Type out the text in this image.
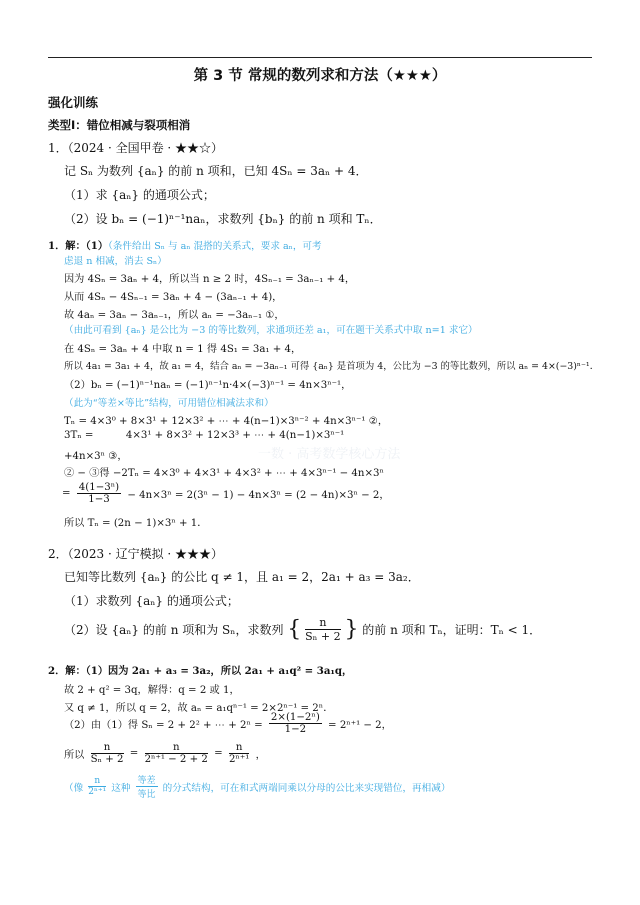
第 3 节 常规的数列求和方法（★★★）
强化训练
类型Ⅰ：错位相减与裂项相消
1．（2024 · 全国甲卷 · ★★☆）
记 Sₙ 为数列 {aₙ} 的前 n 项和，已知 4Sₙ = 3aₙ + 4．
（1）求 {aₙ} 的通项公式；
（2）设 bₙ = (−1)ⁿ⁻¹naₙ，求数列 {bₙ} 的前 n 项和 Tₙ．
1．解：（1）（条件给出 Sₙ 与 aₙ 混搭的关系式，要求 aₙ，可考
虑退 n 相减，消去 Sₙ）
因为 4Sₙ = 3aₙ + 4，所以当 n ≥ 2 时，4Sₙ₋₁ = 3aₙ₋₁ + 4，
从而 4Sₙ − 4Sₙ₋₁ = 3aₙ + 4 − (3aₙ₋₁ + 4)，
故 4aₙ = 3aₙ − 3aₙ₋₁，所以 aₙ = −3aₙ₋₁ ①，
（由此可看到 {aₙ} 是公比为 −3 的等比数列，求通项还差 a₁，可在题干关系式中取 n=1 求它）
在 4Sₙ = 3aₙ + 4 中取 n = 1 得 4S₁ = 3a₁ + 4，
所以 4a₁ = 3a₁ + 4，故 a₁ = 4，结合 aₙ = −3aₙ₋₁ 可得 {aₙ} 是首项为 4，公比为 −3 的等比数列，所以 aₙ = 4×(−3)ⁿ⁻¹．
（2）bₙ = (−1)ⁿ⁻¹naₙ = (−1)ⁿ⁻¹n·4×(−3)ⁿ⁻¹ = 4n×3ⁿ⁻¹，
（此为“等差×等比”结构，可用错位相减法求和）
Tₙ = 4×3⁰ + 8×3¹ + 12×3² + ⋯ + 4(n−1)×3ⁿ⁻² + 4n×3ⁿ⁻¹ ②，
3Tₙ =          4×3¹ + 8×3² + 12×3³ + ⋯ + 4(n−1)×3ⁿ⁻¹
+4n×3ⁿ ③，	一数 · 高考数学核心方法
② − ③得 −2Tₙ = 4×3⁰ + 4×3¹ + 4×3² + ⋯ + 4×3ⁿ⁻¹ − 4n×3ⁿ
= $\frac{\text{4(1−3ⁿ)}}{1-3} - 4n\times 3^n = 2(3^n - 1) - 4n\times 3^n = (2 - 4n)\times 3^n - 2$，
所以 Tₙ = (2n − 1)×3ⁿ + 1．
2．（2023 · 辽宁模拟 · ★★★）
已知等比数列 {aₙ} 的公比 q ≠ 1，且 a₁ = 2，2a₁ + a₃ = 3a₂．
（1）求数列 {aₙ} 的通项公式；
（2）设 {aₙ} 的前 n 项和为 Sₙ，求数列 { $\frac{n}{\text{Sₙ + 2}}$ } 的前 n 项和 Tₙ，证明：Tₙ < 1．
2．解：（1）因为 2a₁ + a₃ = 3a₂，所以 2a₁ + a₁q² = 3a₁q，
故 2 + q² = 3q，解得：q = 2 或 1，
又 q ≠ 1，所以 q = 2，故 aₙ = a₁qⁿ⁻¹ = 2×2ⁿ⁻¹ = 2ⁿ．
（2）由（1）得 Sₙ = 2 + 2² + ⋯ + $2^n = \frac{\text{2×(1−2ⁿ)}}{1-2} = 2^{n+1} - 2$，
所以 $\frac{n}{\text{Sₙ + 2}} = \frac{n}{\text{2ⁿ⁺¹ − 2 + 2}} = \frac{n}{\text{2ⁿ⁺¹}}$ ，
（像 $\frac{n}{\text{2ⁿ⁺¹}}$ 这种
等差
等比
的分式结构，可在和式两端同乘以分母的公比来实现错位，再相减）
